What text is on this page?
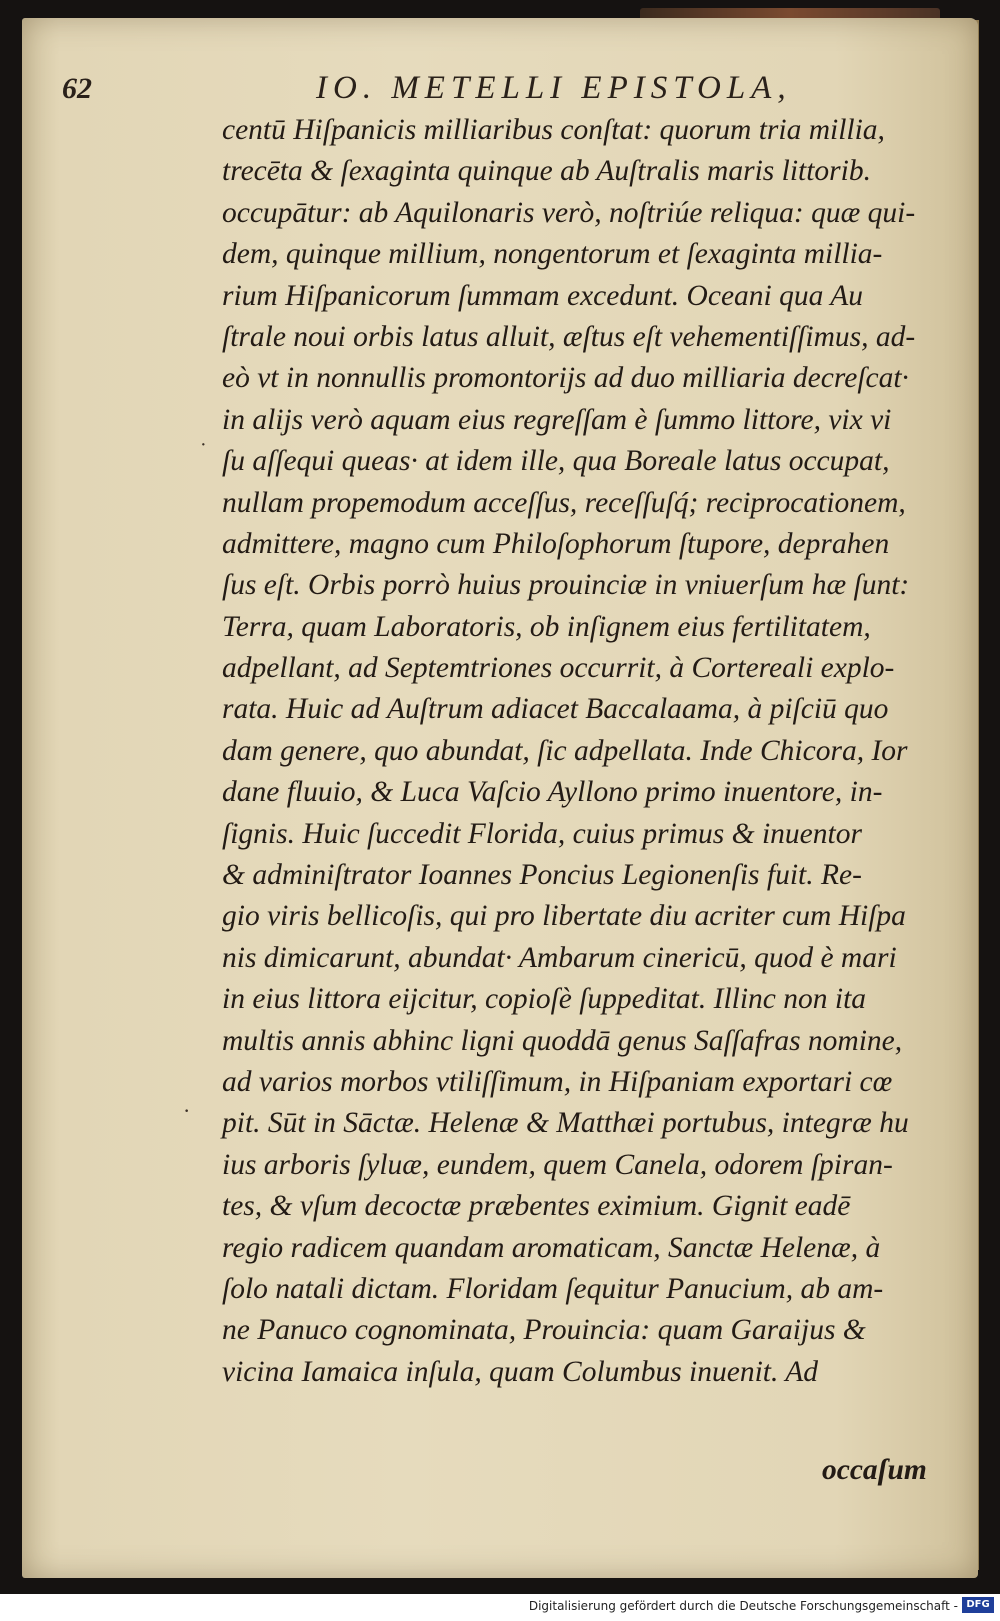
62	IO. METELLI EPISTOLA,
·
·
centū Hiſpanicis milliaribus conſtat: quorum tria millia,
trecēta & ſexaginta quinque ab Auſtralis maris littorib.
occupātur: ab Aquilonaris verò, noſtriúe reliqua: quæ qui-
dem, quinque millium, nongentorum et ſexaginta millia-
rium Hiſpanicorum ſummam excedunt. Oceani qua Au
ſtrale noui orbis latus alluit, æſtus eſt vehementiſſimus, ad-
eò vt in nonnullis promontorijs ad duo milliaria decreſcat·
in alijs verò aquam eius regreſſam è ſummo littore, vix vi
ſu aſſequi queas· at idem ille, qua Boreale latus occupat,
nullam propemodum acceſſus, receſſuſq́; reciprocationem,
admittere, magno cum Philoſophorum ſtupore, deprahen
ſus eſt. Orbis porrò huius prouinciæ in vniuerſum hæ ſunt:
Terra, quam Laboratoris, ob inſignem eius fertilitatem,
adpellant, ad Septemtriones occurrit, à Cortereali explo-
rata. Huic ad Auſtrum adiacet Baccalaama, à piſciū quo
dam genere, quo abundat, ſic adpellata. Inde Chicora, Ior
dane fluuio, & Luca Vaſcio Ayllono primo inuentore, in-
ſignis. Huic ſuccedit Florida, cuius primus & inuentor
& adminiſtrator Ioannes Poncius Legionenſis fuit. Re-
gio viris bellicoſis, qui pro libertate diu acriter cum Hiſpa
nis dimicarunt, abundat· Ambarum cinericū, quod è mari
in eius littora eijcitur, copioſè ſuppeditat. Illinc non ita
multis annis abhinc ligni quoddā genus Saſſafras nomine,
ad varios morbos vtiliſſimum, in Hiſpaniam exportari cœ
pit. Sūt in Sāctæ. Helenæ & Matthæi portubus, integræ hu
ius arboris ſyluæ, eundem, quem Canela, odorem ſpiran-
tes, & vſum decoctæ præbentes eximium. Gignit eadē
regio radicem quandam aromaticam, Sanctæ Helenæ, à
ſolo natali dictam. Floridam ſequitur Panucium, ab am-
ne Panuco cognominata, Prouincia: quam Garaijus &
vicina Iamaica inſula, quam Columbus inuenit. Ad
occaſum
Digitalisierung gefördert durch die Deutsche Forschungsgemeinschaft - DFG
